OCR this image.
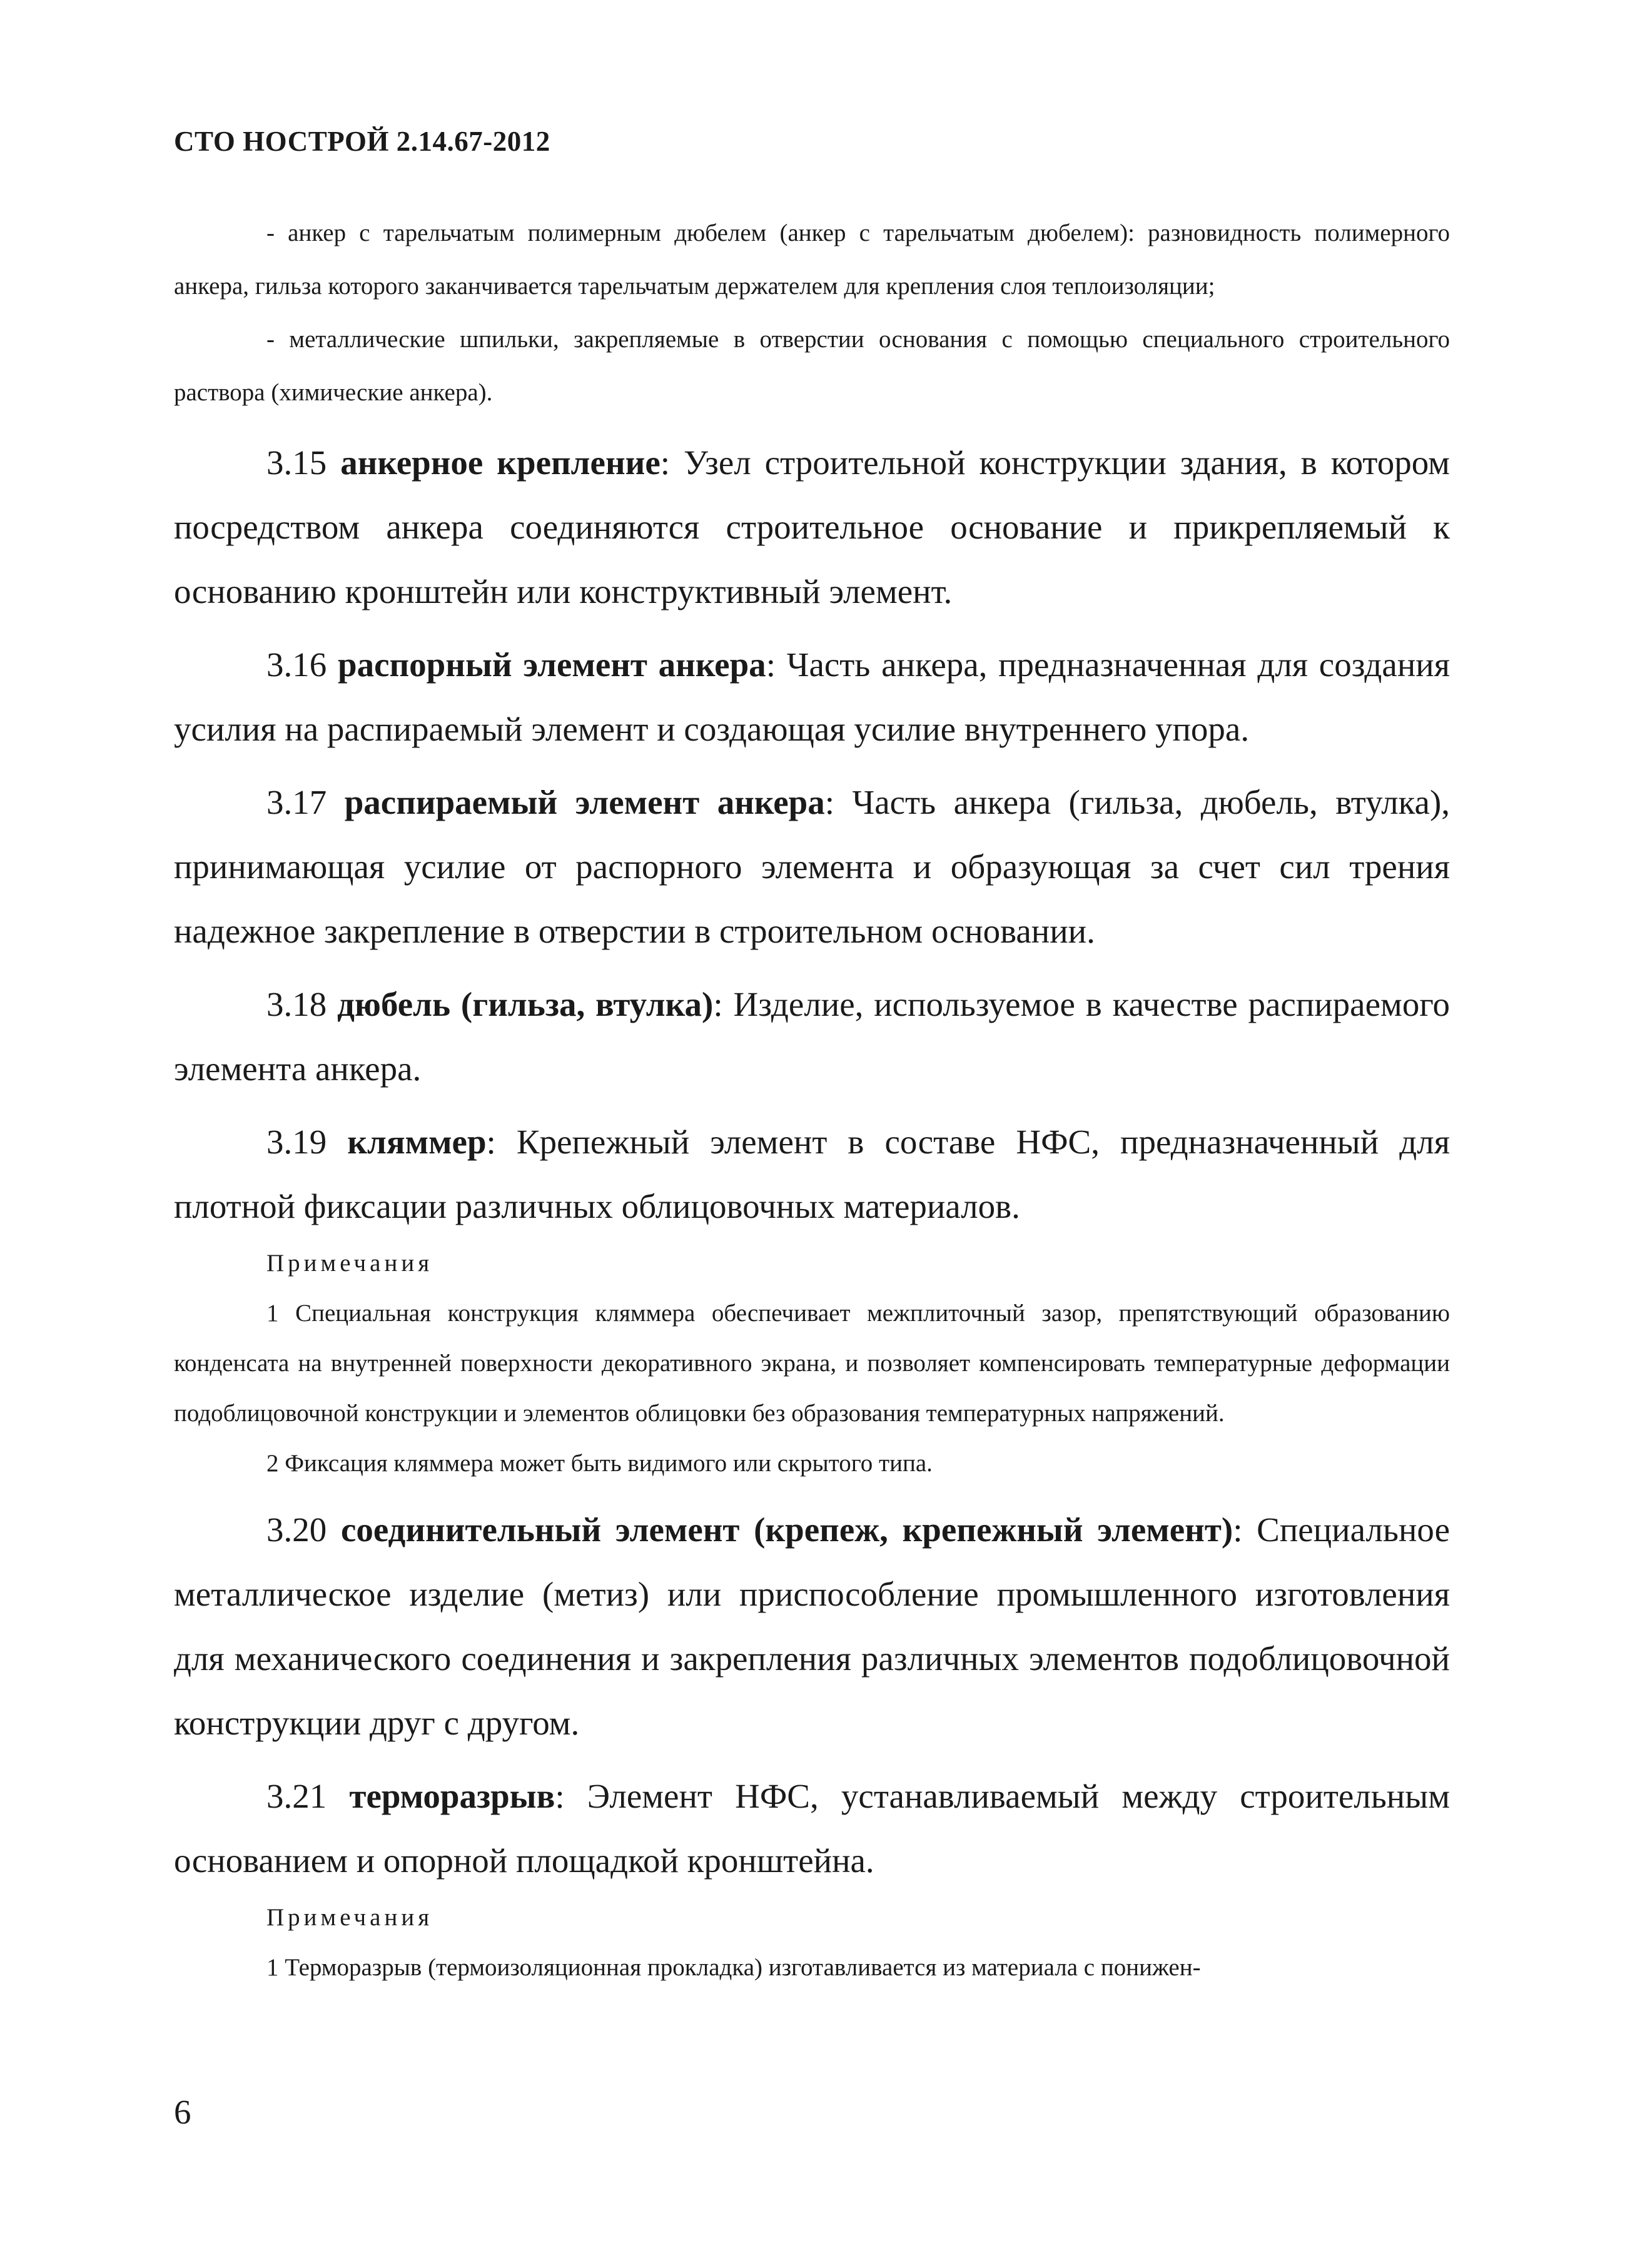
СТО НОСТРОЙ 2.14.67-2012

- анкер с тарельчатым полимерным дюбелем (анкер с тарельчатым дюбелем): разновидность полимерного анкера, гильза которого заканчивается тарельчатым держателем для крепления слоя теплоизоляции;

- металлические шпильки, закрепляемые в отверстии основания с помощью специального строительного раствора (химические анкера).

3.15 анкерное крепление: Узел строительной конструкции здания, в котором посредством анкера соединяются строительное основание и прикрепляемый к основанию кронштейн или конструктивный элемент.

3.16 распорный элемент анкера: Часть анкера, предназначенная для создания усилия на распираемый элемент и создающая усилие внутреннего упора.

3.17 распираемый элемент анкера: Часть анкера (гильза, дюбель, втулка), принимающая усилие от распорного элемента и образующая за счет сил трения надежное закрепление в отверстии в строительном основании.

3.18 дюбель (гильза, втулка): Изделие, используемое в качестве распираемого элемента анкера.

3.19 кляммер: Крепежный элемент в составе НФС, предназначенный для плотной фиксации различных облицовочных материалов.

Примечания

1 Специальная конструкция кляммера обеспечивает межплиточный зазор, препятствующий образованию конденсата на внутренней поверхности декоративного экрана, и позволяет компенсировать температурные деформации подоблицовочной конструкции и элементов облицовки без образования температурных напряжений.

2 Фиксация кляммера может быть видимого или скрытого типа.

3.20 соединительный элемент (крепеж, крепежный элемент): Специальное металлическое изделие (метиз) или приспособление промышленного изготовления для механического соединения и закрепления различных элементов подоблицовочной конструкции друг с другом.

3.21 терморазрыв: Элемент НФС, устанавливаемый между строительным основанием и опорной площадкой кронштейна.

Примечания

1 Терморазрыв (термоизоляционная прокладка) изготавливается из материала с понижен-

6
